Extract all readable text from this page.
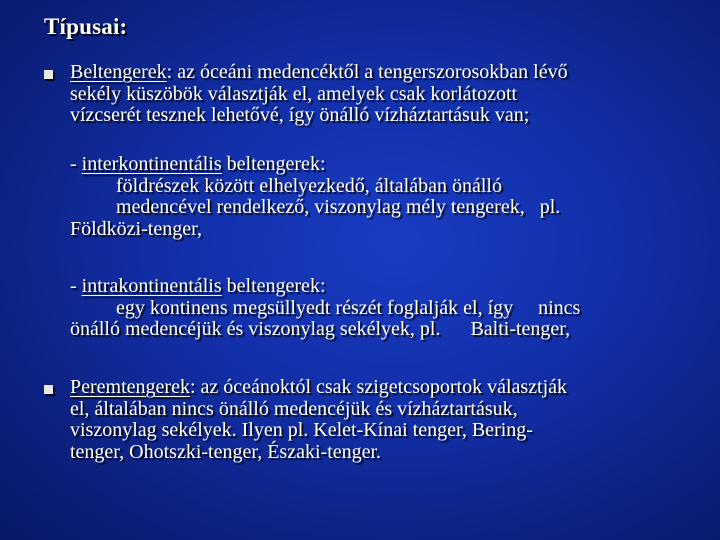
Típusai:
Beltengerek: az óceáni medencéktől a tengerszorosokban lévő
sekély küszöbök választják el, amelyek csak korlátozott
vízcserét tesznek lehetővé, így önálló vízháztartásuk van;
- interkontinentális beltengerek:
földrészek között elhelyezkedő, általában önálló
medencével rendelkező, viszonylag mély tengerek,   pl.
Földközi-tenger,
- intrakontinentális beltengerek:
egy kontinens megsüllyedt részét foglalják el, így     nincs
önálló medencéjük és viszonylag sekélyek, pl.      Balti-tenger,
Peremtengerek: az óceánoktól csak szigetcsoportok választják
el, általában nincs önálló medencéjük és vízháztartásuk,
viszonylag sekélyek. Ilyen pl. Kelet-Kínai tenger, Bering-
tenger, Ohotszki-tenger, Északi-tenger.
